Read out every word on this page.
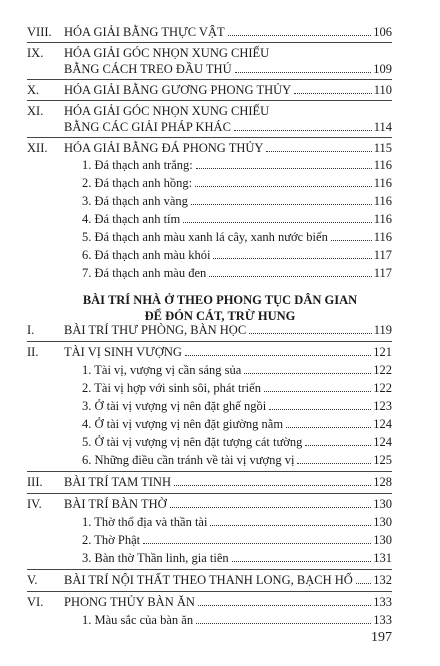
VIII. HÓA GIẢI BẰNG THỰC VẬT	106
IX. HÓA GIẢI GÓC NHỌN XUNG CHIẾU
BẰNG CÁCH TREO ĐẦU THÚ	109
X. HÓA GIẢI BẰNG GƯƠNG PHONG THỦY	110
XI. HÓA GIẢI GÓC NHỌN XUNG CHIẾU
BẰNG CÁC GIẢI PHÁP KHÁC	114
XII. HÓA GIẢI BẰNG ĐÁ PHONG THỦY	115
1. Đá thạch anh trắng:	116
2. Đá thạch anh hồng:	116
3. Đá thạch anh vàng	116
4. Đá thạch anh tím	116
5. Đá thạch anh màu xanh lá cây, xanh nước biển	116
6. Đá thạch anh màu khói	117
7. Đá thạch anh màu đen	117
BÀI TRÍ NHÀ Ở THEO PHONG TỤC DÂN GIAN
ĐỂ ĐÓN CÁT, TRỪ HUNG
I. BÀI TRÍ THƯ PHÒNG, BÀN HỌC	119
II. TÀI VỊ SINH VƯỢNG	121
1. Tài vị, vượng vị cần sáng sủa	122
2. Tài vị hợp với sinh sôi, phát triển	122
3. Ở tài vị vượng vị nên đặt ghế ngồi	123
4. Ở tài vị vượng vị nên đặt giường nằm	124
5. Ở tài vị vượng vị nên đặt tượng cát tường	124
6. Những điều cần tránh về tài vị vượng vị	125
III. BÀI TRÍ TAM TINH	128
IV. BÀI TRÍ BÀN THỜ	130
1. Thờ thổ địa và thần tài	130
2. Thờ Phật	130
3. Bàn thờ Thần linh, gia tiên	131
V. BÀI TRÍ NỘI THẤT THEO THANH LONG, BẠCH HỔ 132
VI. PHONG THỦY BÀN ĂN	133
1. Màu sắc của bàn ăn	133
197
